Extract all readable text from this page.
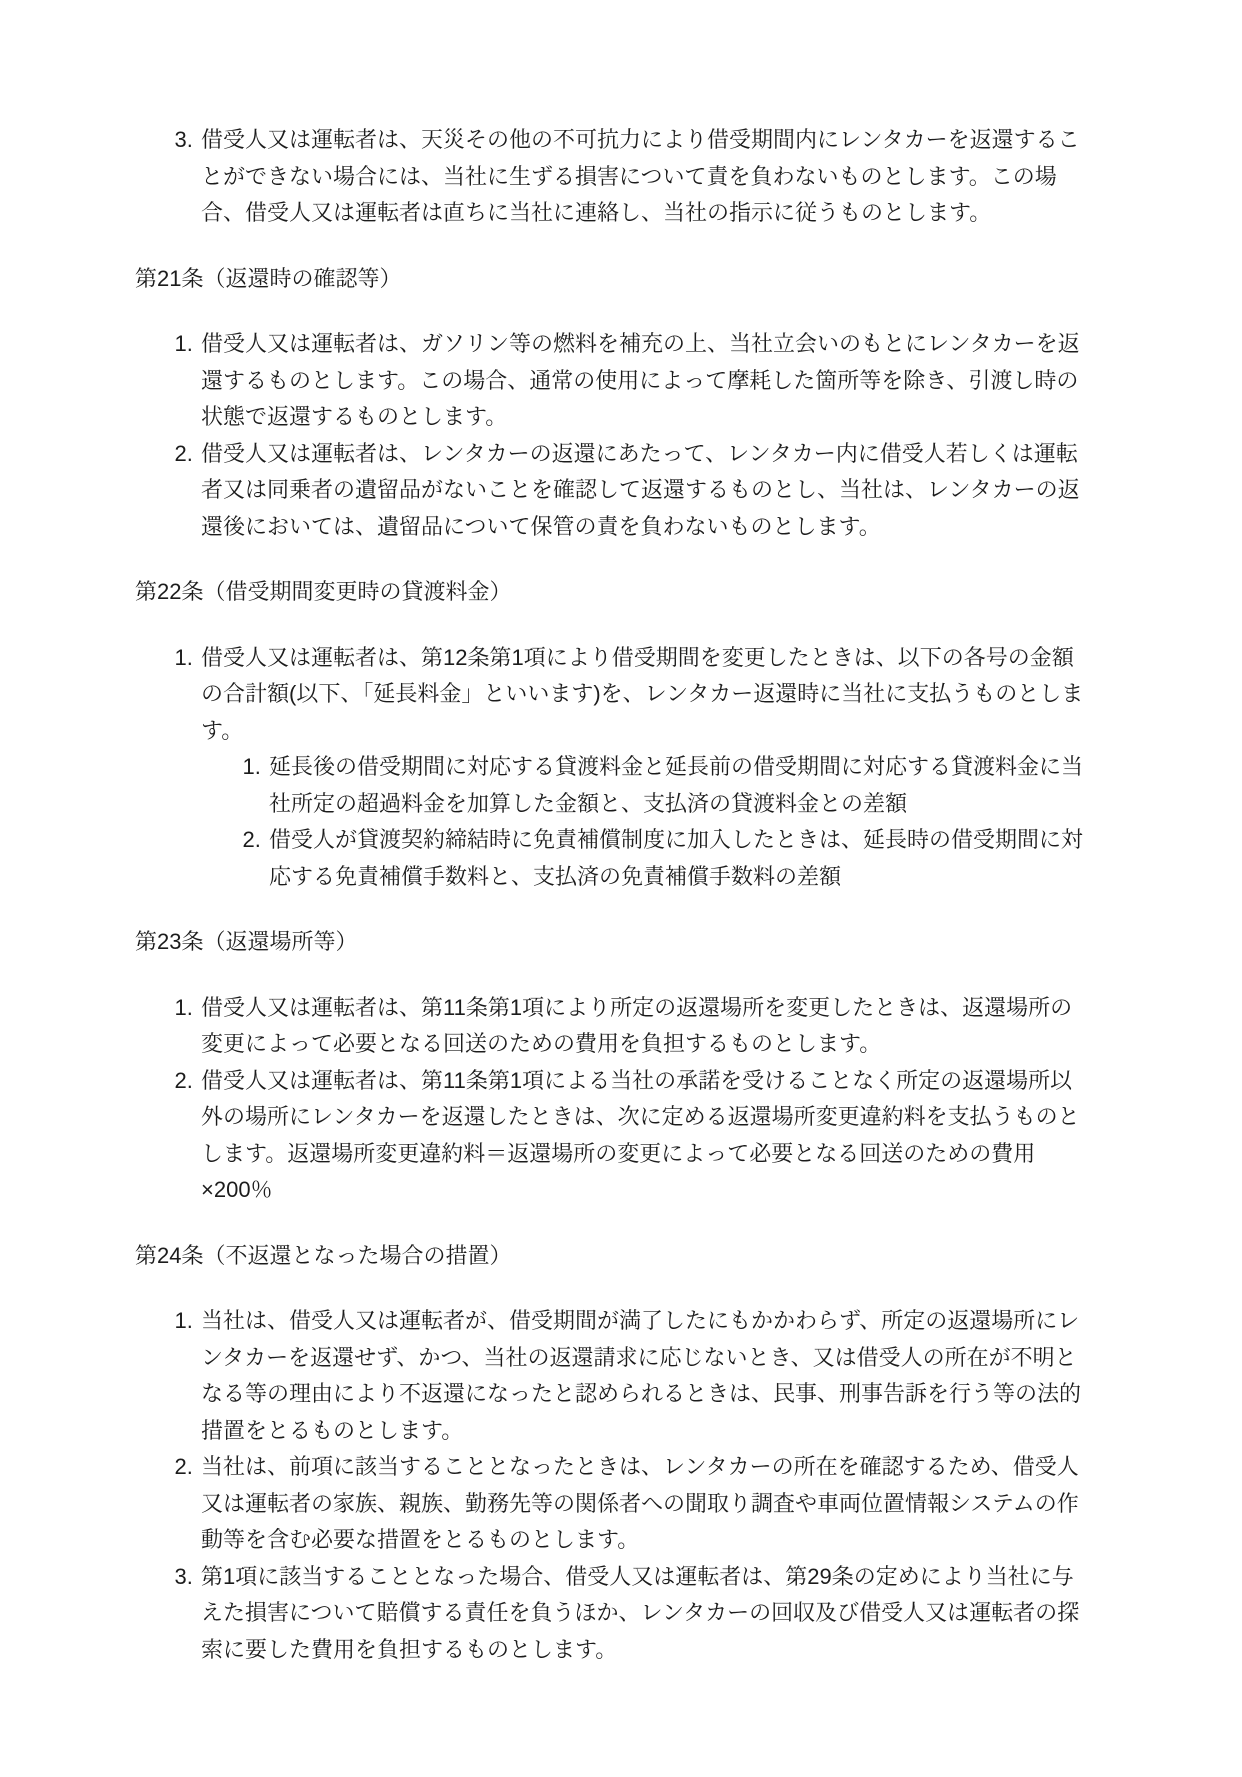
3. 借受人又は運転者は、天災その他の不可抗力により借受期間内にレンタカーを返還することができない場合には、当社に生ずる損害について責を負わないものとします。この場合、借受人又は運転者は直ちに当社に連絡し、当社の指示に従うものとします。

第21条（返還時の確認等）

1. 借受人又は運転者は、ガソリン等の燃料を補充の上、当社立会いのもとにレンタカーを返還するものとします。この場合、通常の使用によって摩耗した箇所等を除き、引渡し時の状態で返還するものとします。
2. 借受人又は運転者は、レンタカーの返還にあたって、レンタカー内に借受人若しくは運転者又は同乗者の遺留品がないことを確認して返還するものとし、当社は、レンタカーの返還後においては、遺留品について保管の責を負わないものとします。

第22条（借受期間変更時の貸渡料金）

1. 借受人又は運転者は、第12条第1項により借受期間を変更したときは、以下の各号の金額の合計額(以下、「延長料金」といいます)を、レンタカー返還時に当社に支払うものとします。
1. 延長後の借受期間に対応する貸渡料金と延長前の借受期間に対応する貸渡料金に当社所定の超過料金を加算した金額と、支払済の貸渡料金との差額
2. 借受人が貸渡契約締結時に免責補償制度に加入したときは、延長時の借受期間に対応する免責補償手数料と、支払済の免責補償手数料の差額

第23条（返還場所等）

1. 借受人又は運転者は、第11条第1項により所定の返還場所を変更したときは、返還場所の変更によって必要となる回送のための費用を負担するものとします。
2. 借受人又は運転者は、第11条第1項による当社の承諾を受けることなく所定の返還場所以外の場所にレンタカーを返還したときは、次に定める返還場所変更違約料を支払うものとします。返還場所変更違約料＝返還場所の変更によって必要となる回送のための費用×200％

第24条（不返還となった場合の措置）

1. 当社は、借受人又は運転者が、借受期間が満了したにもかかわらず、所定の返還場所にレンタカーを返還せず、かつ、当社の返還請求に応じないとき、又は借受人の所在が不明となる等の理由により不返還になったと認められるときは、民事、刑事告訴を行う等の法的措置をとるものとします。
2. 当社は、前項に該当することとなったときは、レンタカーの所在を確認するため、借受人又は運転者の家族、親族、勤務先等の関係者への聞取り調査や車両位置情報システムの作動等を含む必要な措置をとるものとします。
3. 第1項に該当することとなった場合、借受人又は運転者は、第29条の定めにより当社に与えた損害について賠償する責任を負うほか、レンタカーの回収及び借受人又は運転者の探索に要した費用を負担するものとします。
